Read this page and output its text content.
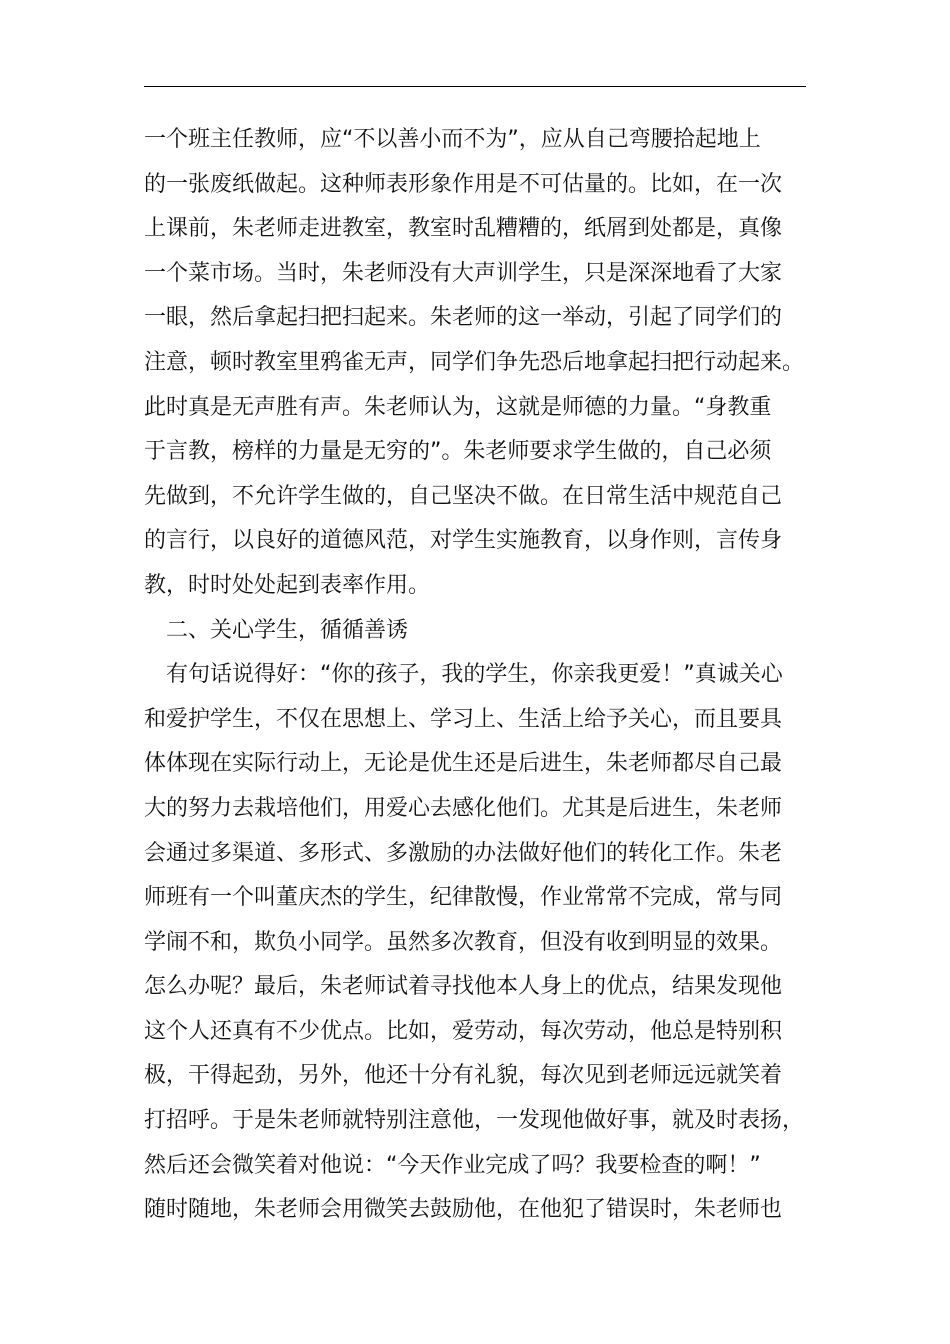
一个班主任教师，应“不以善小而不为”，应从自己弯腰拾起地上
的一张废纸做起。这种师表形象作用是不可估量的。比如，在一次
上课前，朱老师走进教室，教室时乱糟糟的，纸屑到处都是，真像
一个菜市场。当时，朱老师没有大声训学生，只是深深地看了大家
一眼，然后拿起扫把扫起来。朱老师的这一举动，引起了同学们的
注意，顿时教室里鸦雀无声，同学们争先恐后地拿起扫把行动起来。
此时真是无声胜有声。朱老师认为，这就是师德的力量。“身教重
于言教，榜样的力量是无穷的”。朱老师要求学生做的，自己必须
先做到，不允许学生做的，自己坚决不做。在日常生活中规范自己
的言行，以良好的道德风范，对学生实施教育，以身作则，言传身
教，时时处处起到表率作用。
二、关心学生，循循善诱
有句话说得好：“你的孩子，我的学生，你亲我更爱！”真诚关心
和爱护学生，不仅在思想上、学习上、生活上给予关心，而且要具
体体现在实际行动上，无论是优生还是后进生，朱老师都尽自己最
大的努力去栽培他们，用爱心去感化他们。尤其是后进生，朱老师
会通过多渠道、多形式、多激励的办法做好他们的转化工作。朱老
师班有一个叫董庆杰的学生，纪律散慢，作业常常不完成，常与同
学闹不和，欺负小同学。虽然多次教育，但没有收到明显的效果。
怎么办呢？最后，朱老师试着寻找他本人身上的优点，结果发现他
这个人还真有不少优点。比如，爱劳动，每次劳动，他总是特别积
极，干得起劲，另外，他还十分有礼貌，每次见到老师远远就笑着
打招呼。于是朱老师就特别注意他，一发现他做好事，就及时表扬，
然后还会微笑着对他说：“今天作业完成了吗？我要检查的啊！”
随时随地，朱老师会用微笑去鼓励他，在他犯了错误时，朱老师也
